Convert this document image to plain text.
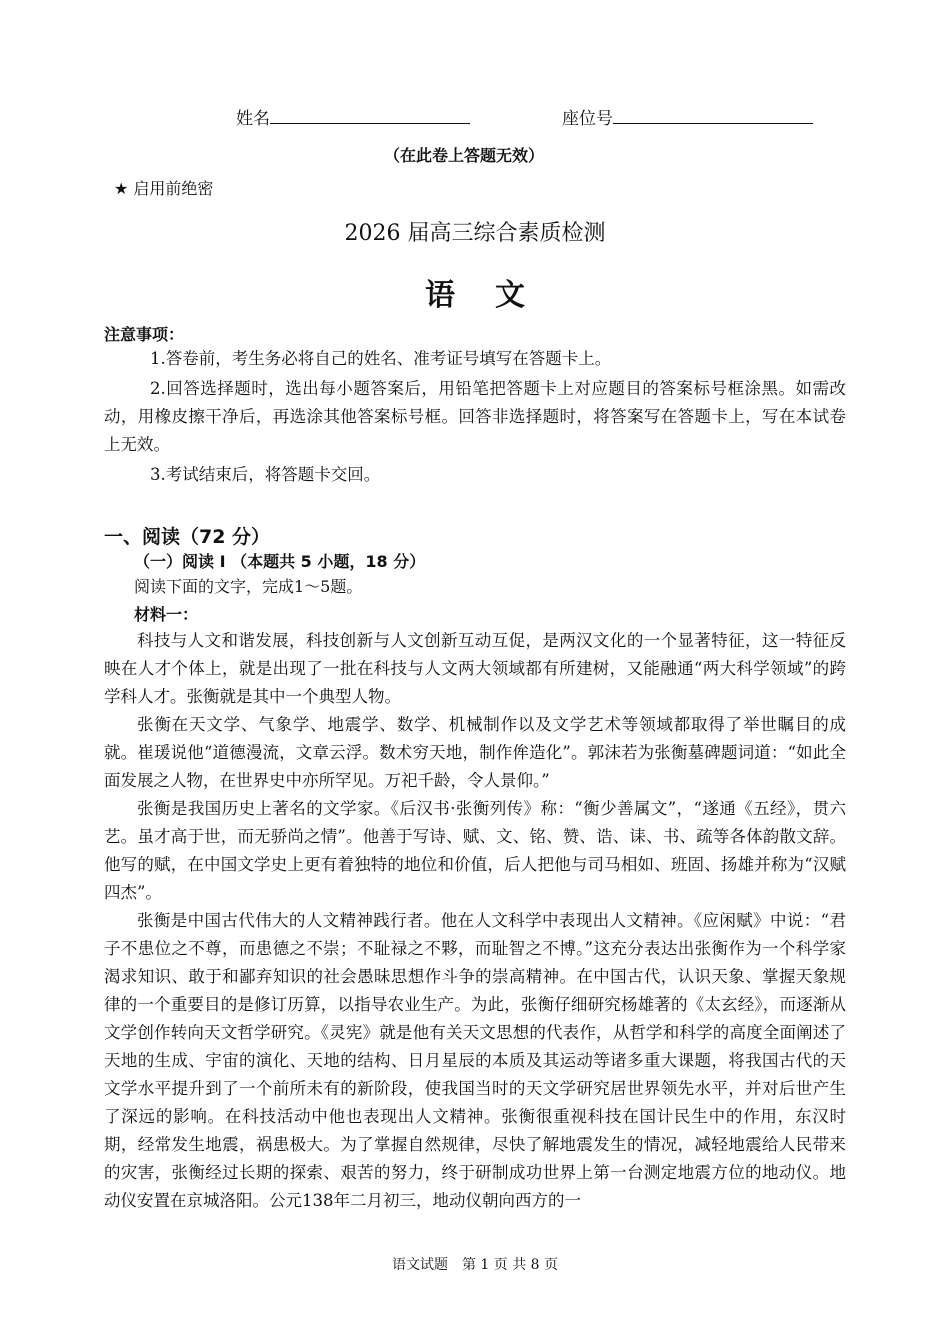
姓名	座位号
（在此卷上答题无效）
★ 启用前绝密
2026 届高三综合素质检测
语文
注意事项：
1.答卷前，考生务必将自己的姓名、准考证号填写在答题卡上。
2.回答选择题时，选出每小题答案后，用铅笔把答题卡上对应题目的答案标号框涂黑。如需改动，用橡皮擦干净后，再选涂其他答案标号框。回答非选择题时，将答案写在答题卡上，写在本试卷上无效。
3.考试结束后，将答题卡交回。
一、阅读（72 分）
（一）阅读 I （本题共 5 小题，18 分）
阅读下面的文字，完成1～5题。
材料一：
科技与人文和谐发展，科技创新与人文创新互动互促，是两汉文化的一个显著特征，这一特征反映在人才个体上，就是出现了一批在科技与人文两大领域都有所建树，又能融通“两大科学领域”的跨学科人才。张衡就是其中一个典型人物。
张衡在天文学、气象学、地震学、数学、机械制作以及文学艺术等领域都取得了举世瞩目的成就。崔瑗说他“道德漫流，文章云浮。数术穷天地，制作侔造化”。郭沫若为张衡墓碑题词道：“如此全面发展之人物，在世界史中亦所罕见。万祀千龄，令人景仰。”
张衡是我国历史上著名的文学家。《后汉书·张衡列传》称：“衡少善属文”，“遂通《五经》，贯六艺。虽才高于世，而无骄尚之情”。他善于写诗、赋、文、铭、赞、诰、诔、书、疏等各体韵散文辞。他写的赋，在中国文学史上更有着独特的地位和价值，后人把他与司马相如、班固、扬雄并称为“汉赋四杰”。
张衡是中国古代伟大的人文精神践行者。他在人文科学中表现出人文精神。《应闲赋》中说：“君子不患位之不尊，而患德之不崇；不耻禄之不夥，而耻智之不博。”这充分表达出张衡作为一个科学家渴求知识、敢于和鄙弃知识的社会愚昧思想作斗争的崇高精神。在中国古代，认识天象、掌握天象规律的一个重要目的是修订历算，以指导农业生产。为此，张衡仔细研究杨雄著的《太玄经》，而逐渐从文学创作转向天文哲学研究。《灵宪》就是他有关天文思想的代表作，从哲学和科学的高度全面阐述了天地的生成、宇宙的演化、天地的结构、日月星辰的本质及其运动等诸多重大课题，将我国古代的天文学水平提升到了一个前所未有的新阶段，使我国当时的天文学研究居世界领先水平，并对后世产生了深远的影响。在科技活动中他也表现出人文精神。张衡很重视科技在国计民生中的作用，东汉时期，经常发生地震，祸患极大。为了掌握自然规律，尽快了解地震发生的情况，减轻地震给人民带来的灾害，张衡经过长期的探索、艰苦的努力，终于研制成功世界上第一台测定地震方位的地动仪。地动仪安置在京城洛阳。公元138年二月初三，地动仪朝向西方的一
语文试题　第 1 页 共 8 页
